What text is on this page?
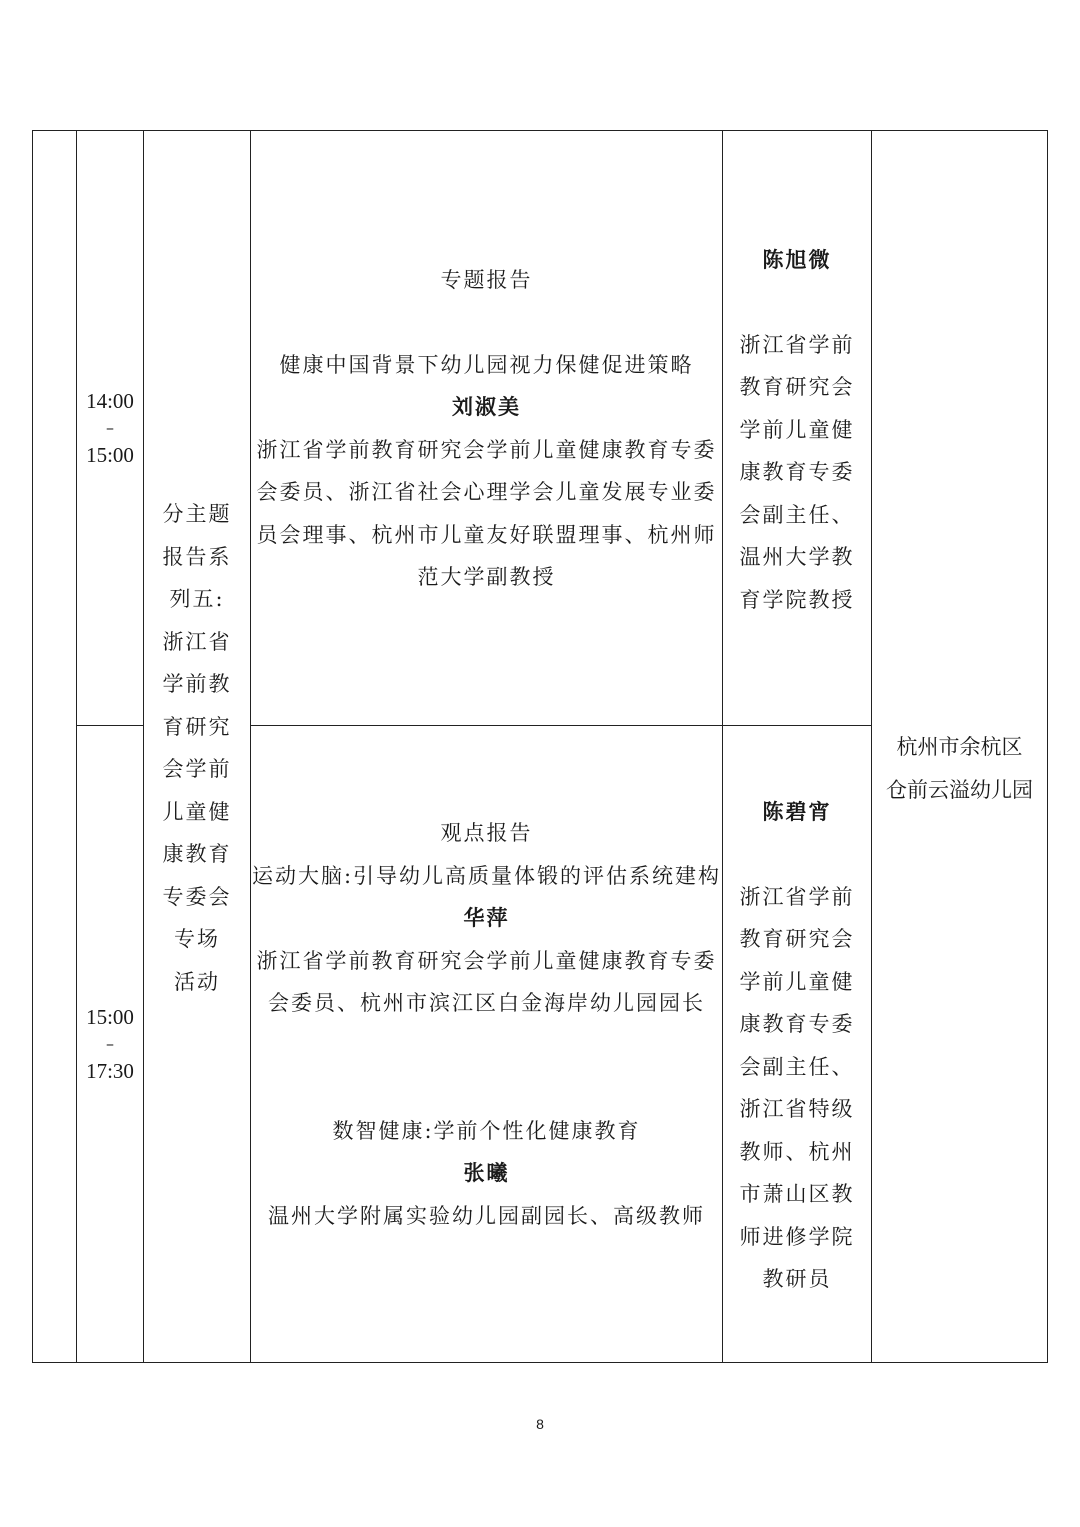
14:00
–
15:00
15:00
–
17:30
分主题
报告系
列五:
浙江省
学前教
育研究
会学前
儿童健
康教育
专委会
专场
活动
专题报告
健康中国背景下幼儿园视力保健促进策略
刘淑美
浙江省学前教育研究会学前儿童健康教育专委
会委员、浙江省社会心理学会儿童发展专业委
员会理事、杭州市儿童友好联盟理事、杭州师
范大学副教授
陈旭微
浙江省学前
教育研究会
学前儿童健
康教育专委
会副主任、
温州大学教
育学院教授
观点报告
运动大脑:引导幼儿高质量体锻的评估系统建构
华萍
浙江省学前教育研究会学前儿童健康教育专委
会委员、杭州市滨江区白金海岸幼儿园园长
数智健康:学前个性化健康教育
张曦
温州大学附属实验幼儿园副园长、高级教师
陈碧宵
浙江省学前
教育研究会
学前儿童健
康教育专委
会副主任、
浙江省特级
教师、杭州
市萧山区教
师进修学院
教研员
杭州市余杭区
仓前云溢幼儿园
8
